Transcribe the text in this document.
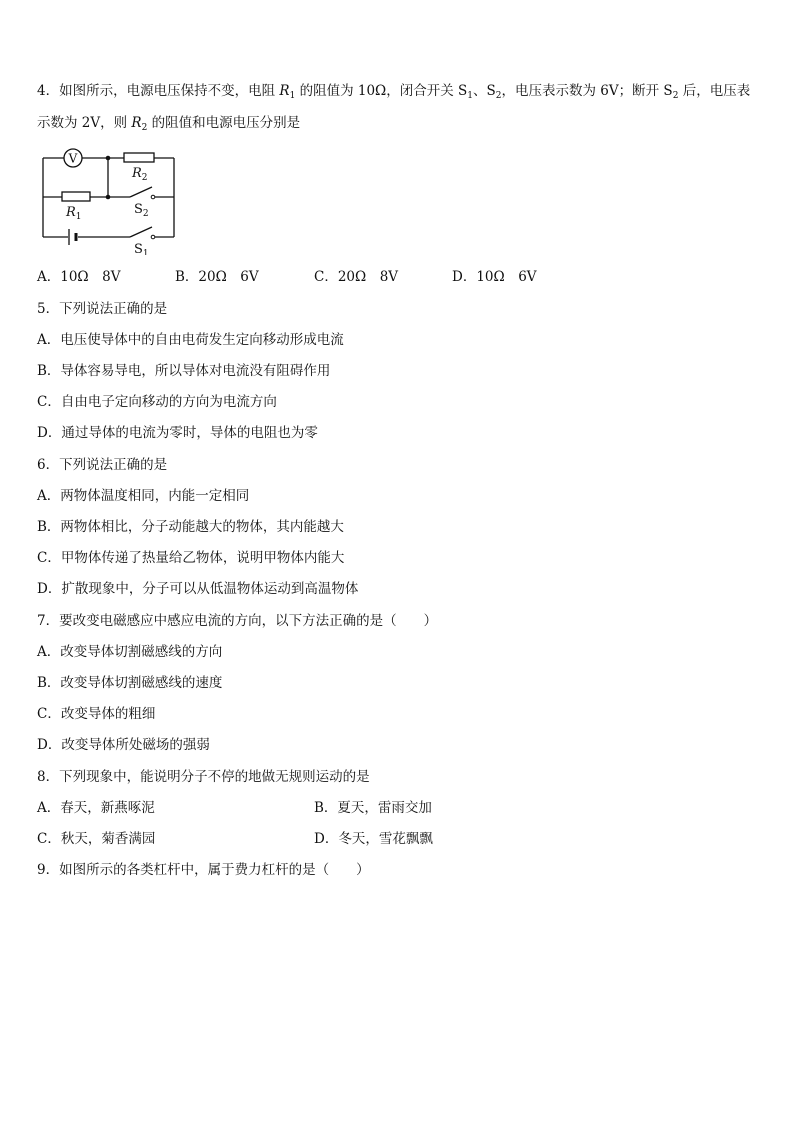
4．如图所示，电源电压保持不变，电阻 $R_1$ 的阻值为 10Ω，闭合开关 $S_1$、$S_2$，电压表示数为 6V；断开 $S_2$ 后，电压表
示数为 2V，则 $R_2$ 的阻值和电源电压分别是
V
$R_2$
$R_1$	$S_2$
$S_1$
A．10Ω　8V	B．20Ω　6V	C．20Ω　8V	D．10Ω　6V
5．下列说法正确的是
A．电压使导体中的自由电荷发生定向移动形成电流
B．导体容易导电，所以导体对电流没有阻碍作用
C．自由电子定向移动的方向为电流方向
D．通过导体的电流为零时，导体的电阻也为零
6．下列说法正确的是
A．两物体温度相同，内能一定相同
B．两物体相比，分子动能越大的物体，其内能越大
C．甲物体传递了热量给乙物体，说明甲物体内能大
D．扩散现象中，分子可以从低温物体运动到高温物体
7．要改变电磁感应中感应电流的方向，以下方法正确的是（　　）
A．改变导体切割磁感线的方向
B．改变导体切割磁感线的速度
C．改变导体的粗细
D．改变导体所处磁场的强弱
8．下列现象中，能说明分子不停的地做无规则运动的是
A．春天，新燕啄泥	B．夏天，雷雨交加
C．秋天，菊香满园	D．冬天，雪花飘飘
9．如图所示的各类杠杆中，属于费力杠杆的是（　　）
